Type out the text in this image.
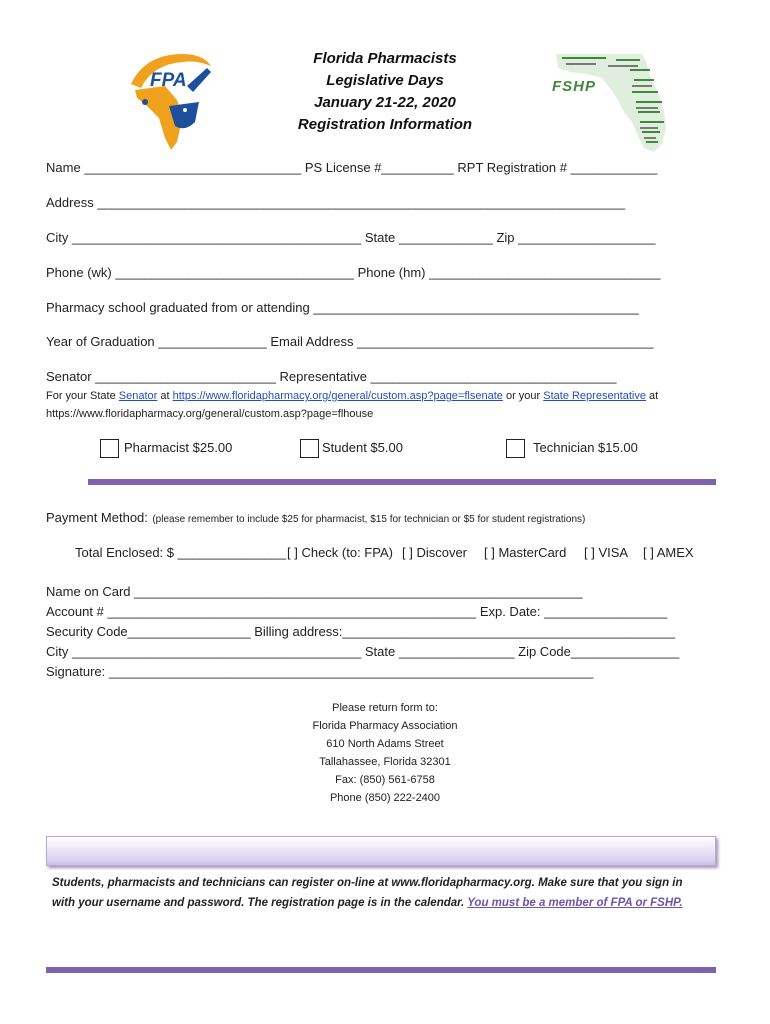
FPA
Florida Pharmacists
Legislative Days
January 21-22, 2020
Registration Information
FSHP
Name ______________________________ PS License #__________ RPT Registration # ____________
Address _________________________________________________________________________
City ________________________________________ State _____________ Zip ___________________
Phone (wk) _________________________________ Phone (hm) ________________________________
Pharmacy school graduated from or attending _____________________________________________
Year of Graduation _______________ Email Address _________________________________________
Senator _________________________ Representative __________________________________
For your State Senator at https://www.floridapharmacy.org/general/custom.asp?page=flsenate or your State Representative at
https://www.floridapharmacy.org/general/custom.asp?page=flhouse
Pharmacist $25.00	Student $5.00	Technician $15.00
Payment Method: (please remember to include $25 for pharmacist, $15 for technician or $5 for student registrations)
Total Enclosed: $ _______________ [ ] Check (to: FPA) [ ] Discover [ ] MasterCard [ ] VISA [ ] AMEX
Name on Card ______________________________________________________________
Account # ___________________________________________________ Exp. Date: _________________
Security Code_________________ Billing address:______________________________________________
City ________________________________________ State ________________ Zip Code_______________
Signature: ___________________________________________________________________
Please return form to:
Florida Pharmacy Association
610 North Adams Street
Tallahassee, Florida 32301
Fax: (850) 561-6758
Phone (850) 222-2400
Students, pharmacists and technicians can register on-line at www.floridapharmacy.org. Make sure that you sign in
with your username and password. The registration page is in the calendar. You must be a member of FPA or FSHP.
